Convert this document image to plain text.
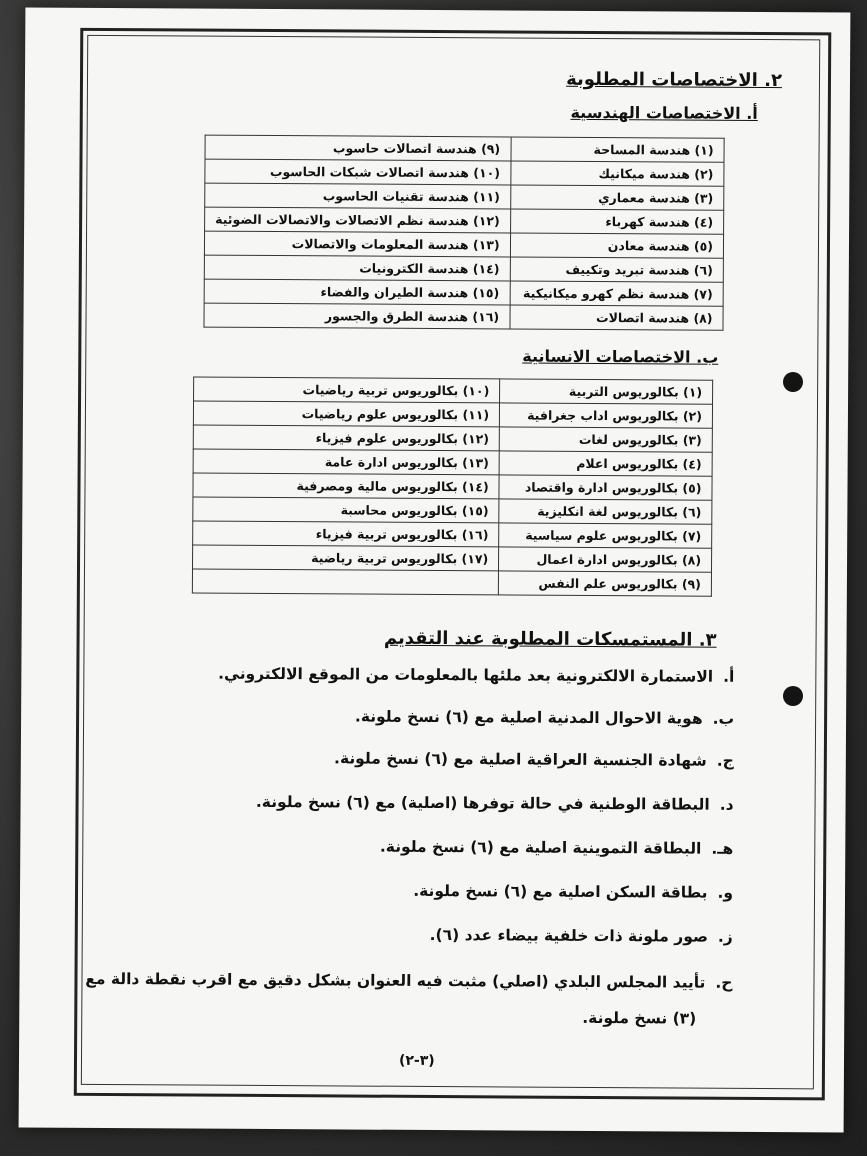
٢. الاختصاصات المطلوبة
أ. الاختصاصات الهندسية
(١) هندسة المساحة	(٩) هندسة اتصالات حاسوب
(٢) هندسة ميكانيك	(١٠) هندسة اتصالات شبكات الحاسوب
(٣) هندسة معماري	(١١) هندسة تقنيات الحاسوب
(٤) هندسة كهرباء	(١٢) هندسة نظم الاتصالات والاتصالات الضوئية
(٥) هندسة معادن	(١٣) هندسة المعلومات والاتصالات
(٦) هندسة تبريد وتكييف	(١٤) هندسة الكترونيات
(٧) هندسة نظم كهرو ميكانيكية	(١٥) هندسة الطيران والفضاء
(٨) هندسة اتصالات	(١٦) هندسة الطرق والجسور
ب. الاختصاصات الانسانية
(١) بكالوريوس التربية	(١٠) بكالوريوس تربية رياضيات
(٢) بكالوريوس اداب جغرافية	(١١) بكالوريوس علوم رياضيات
(٣) بكالوريوس لغات	(١٢) بكالوريوس علوم فيزياء
(٤) بكالوريوس اعلام	(١٣) بكالوريوس ادارة عامة
(٥) بكالوريوس ادارة واقتصاد	(١٤) بكالوريوس مالية ومصرفية
(٦) بكالوريوس لغة انكليزية	(١٥) بكالوريوس محاسبة
(٧) بكالوريوس علوم سياسية	(١٦) بكالوريوس تربية فيزياء
(٨) بكالوريوس ادارة اعمال	(١٧) بكالوريوس تربية رياضية
(٩) بكالوريوس علم النفس	
٣. المستمسكات المطلوبة عند التقديم
أ.الاستمارة الالكترونية بعد ملئها بالمعلومات من الموقع الالكتروني.
ب.هوية الاحوال المدنية اصلية مع (٦) نسخ ملونة.
ج.شهادة الجنسية العراقية اصلية مع (٦) نسخ ملونة.
د.البطاقة الوطنية في حالة توفرها (اصلية) مع (٦) نسخ ملونة.
هـ.البطاقة التموينية اصلية مع (٦) نسخ ملونة.
و.بطاقة السكن اصلية مع (٦) نسخ ملونة.
ز.صور ملونة ذات خلفية بيضاء عدد (٦).
ح.تأييد المجلس البلدي (اصلي) مثبت فيه العنوان بشكل دقيق مع اقرب نقطة دالة مع
(٣) نسخ ملونة.
(٣-٢)
